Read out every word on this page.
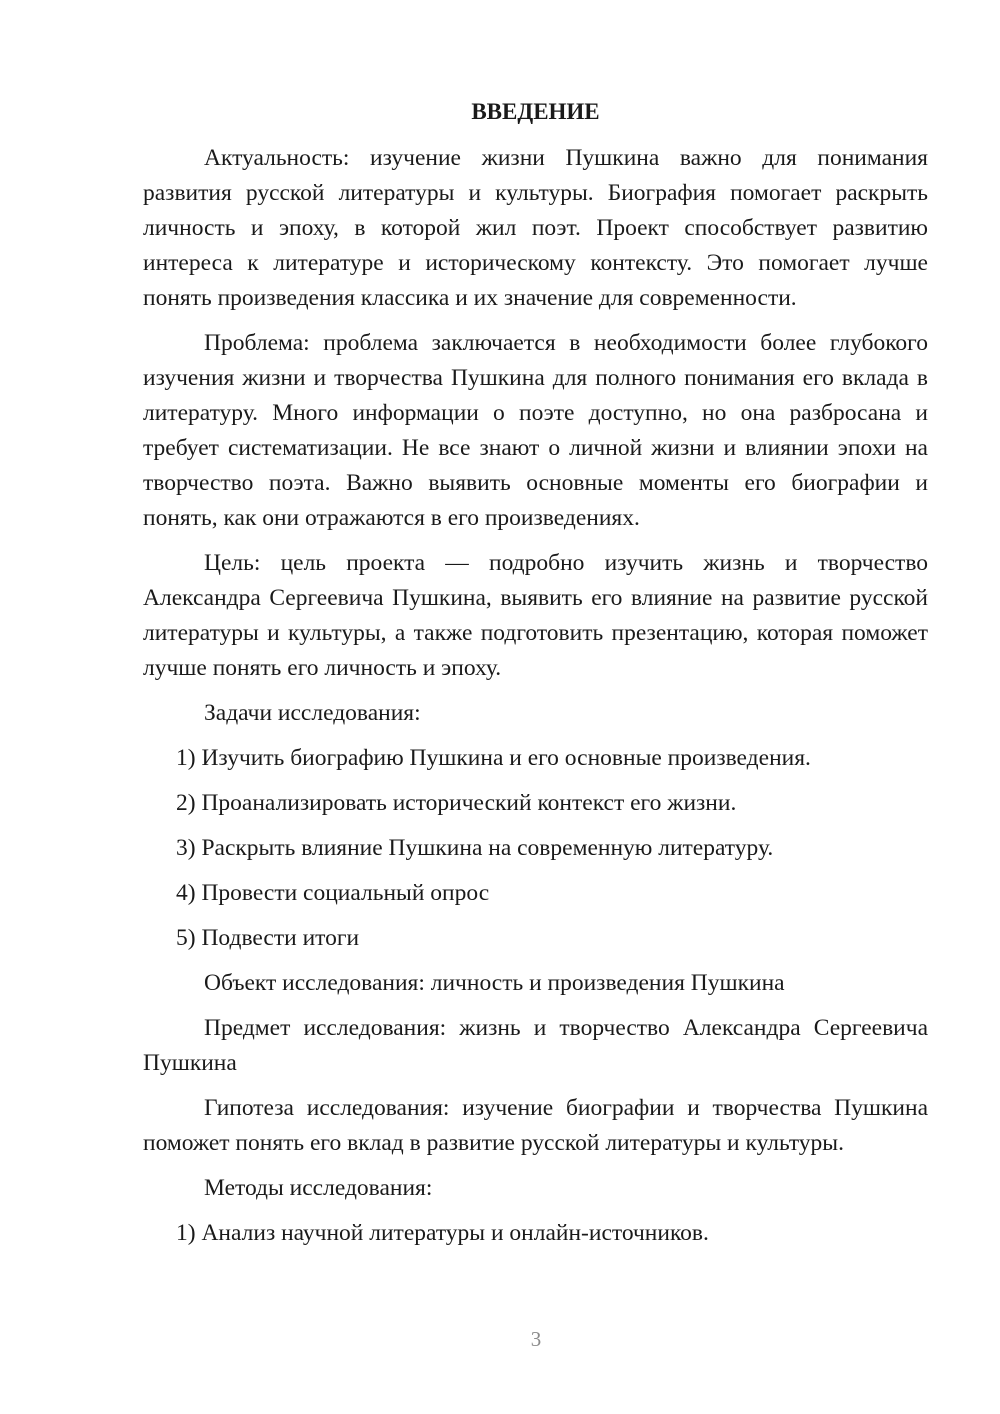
ВВЕДЕНИЕ

Актуальность: изучение жизни Пушкина важно для понимания развития русской литературы и культуры. Биография помогает раскрыть личность и эпоху, в которой жил поэт. Проект способствует развитию интереса к литературе и историческому контексту. Это помогает лучше понять произведения классика и их значение для современности.

Проблема: проблема заключается в необходимости более глубокого изучения жизни и творчества Пушкина для полного понимания его вклада в литературу. Много информации о поэте доступно, но она разбросана и требует систематизации. Не все знают о личной жизни и влиянии эпохи на творчество поэта. Важно выявить основные моменты его биографии и понять, как они отражаются в его произведениях.

Цель: цель проекта — подробно изучить жизнь и творчество Александра Сергеевича Пушкина, выявить его влияние на развитие русской литературы и культуры, а также подготовить презентацию, которая поможет лучше понять его личность и эпоху.

Задачи исследования:

1) Изучить биографию Пушкина и его основные произведения.

2) Проанализировать исторический контекст его жизни.

3) Раскрыть влияние Пушкина на современную литературу.

4) Провести социальный опрос

5) Подвести итоги

Объект исследования: личность и произведения Пушкина

Предмет исследования: жизнь и творчество Александра Сергеевича Пушкина

Гипотеза исследования: изучение биографии и творчества Пушкина поможет понять его вклад в развитие русской литературы и культуры.

Методы исследования:

1) Анализ научной литературы и онлайн-источников.

3
